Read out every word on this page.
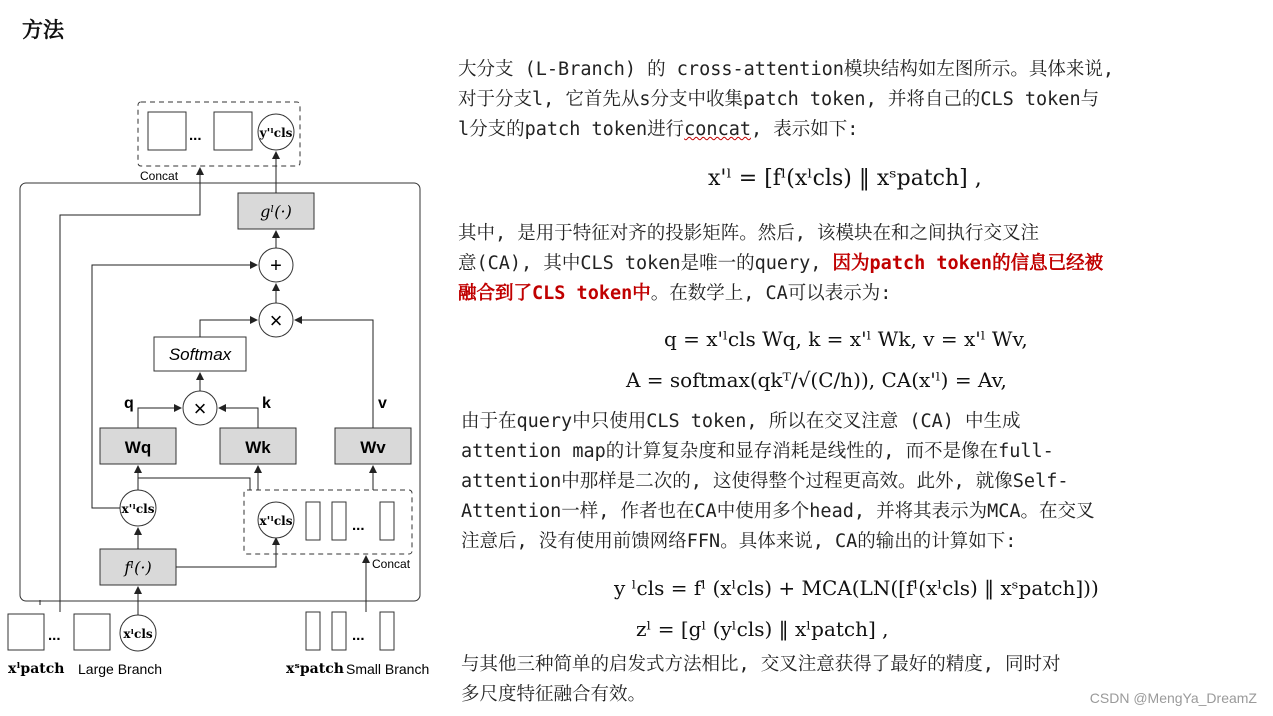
方法
...	y'ˡcls
Concat
gˡ(·)
+
×
Softmax
×
q	k	v
Wq	Wk	Wv
x'ˡcls
fˡ(·)
x'ˡcls	...
Concat
...	xˡcls
xˡpatch Large Branch
...
xˢpatch Small Branch
大分支 (L-Branch) 的 cross-attention模块结构如左图所示。具体来说,
对于分支l, 它首先从s分支中收集patch token, 并将自己的CLS token与
l分支的patch token进行concat, 表示如下:
x'ˡ = [fˡ(xˡcls) ‖ xˢpatch] ,
其中, 是用于特征对齐的投影矩阵。然后, 该模块在和之间执行交叉注
意(CA), 其中CLS token是唯一的query, 因为patch token的信息已经被
融合到了CLS token中。在数学上, CA可以表示为:
q = x'ˡcls Wq, k = x'ˡ Wk, v = x'ˡ Wv,
A = softmax(qkᵀ/√(C/h)), CA(x'ˡ) = Av,
由于在query中只使用CLS token, 所以在交叉注意 (CA) 中生成
attention map的计算复杂度和显存消耗是线性的, 而不是像在full-
attention中那样是二次的, 这使得整个过程更高效。此外, 就像Self-
Attention一样, 作者也在CA中使用多个head, 并将其表示为MCA。在交叉
注意后, 没有使用前馈网络FFN。具体来说, CA的输出的计算如下:
y ˡcls = fˡ (xˡcls) + MCA(LN([fˡ(xˡcls) ‖ xˢpatch]))
zˡ = [gˡ (yˡcls) ‖ xˡpatch] ,
与其他三种简单的启发式方法相比, 交叉注意获得了最好的精度, 同时对
多尺度特征融合有效。	CSDN @MengYa_DreamZ
